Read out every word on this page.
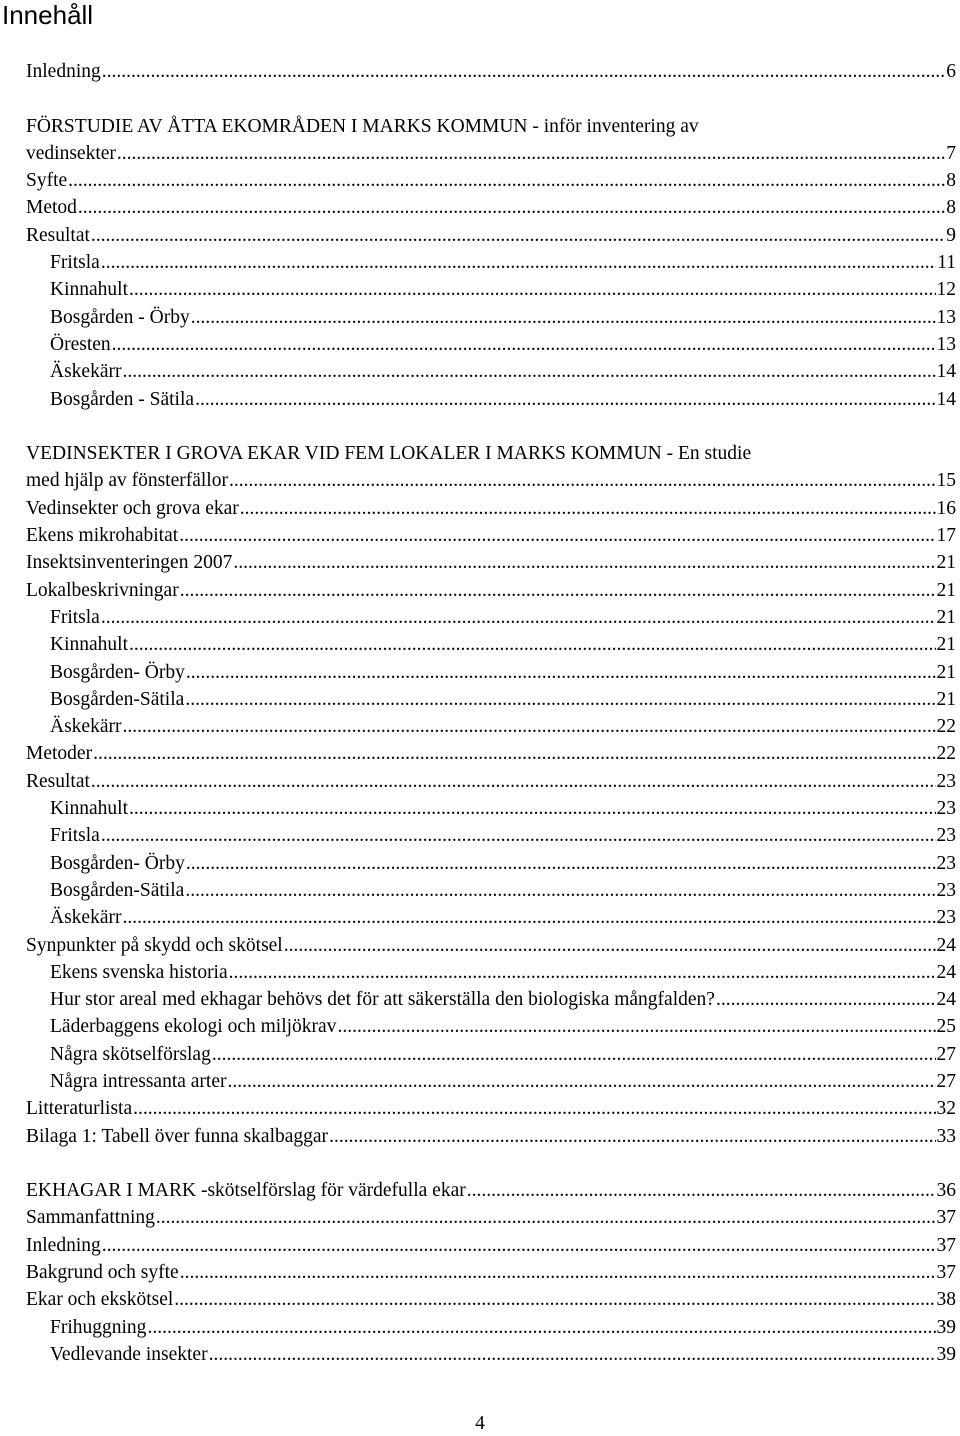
Innehåll
Inledning .....	6
FÖRSTUDIE AV ÅTTA EKOMRÅDEN I MARKS KOMMUN - inför inventering av
vedinsekter .....	7
Syfte .....	8
Metod .....	8
Resultat .....	9
Fritsla .....	11
Kinnahult .....	12
Bosgården - Örby .....	13
Öresten .....	13
Äskekärr .....	14
Bosgården - Sätila .....	14
VEDINSEKTER I GROVA EKAR VID FEM LOKALER I MARKS KOMMUN - En studie
med hjälp av fönsterfällor .....	15
Vedinsekter och grova ekar .....	16
Ekens mikrohabitat .....	17
Insektsinventeringen 2007 .....	21
Lokalbeskrivningar .....	21
Fritsla .....	21
Kinnahult .....	21
Bosgården- Örby .....	21
Bosgården-Sätila .....	21
Äskekärr .....	22
Metoder .....	22
Resultat .....	23
Kinnahult .....	23
Fritsla .....	23
Bosgården- Örby .....	23
Bosgården-Sätila .....	23
Äskekärr .....	23
Synpunkter på skydd och skötsel .....	24
Ekens svenska historia .....	24
Hur stor areal med ekhagar behövs det för att säkerställa den biologiska mångfalden? .....	24
Läderbaggens ekologi och miljökrav .....	25
Några skötselförslag .....	27
Några intressanta arter .....	27
Litteraturlista .....	32
Bilaga 1: Tabell över funna skalbaggar .....	33
EKHAGAR I MARK -skötselförslag för värdefulla ekar .....	36
Sammanfattning .....	37
Inledning .....	37
Bakgrund och syfte .....	37
Ekar och ekskötsel .....	38
Frihuggning .....	39
Vedlevande insekter .....	39
4
